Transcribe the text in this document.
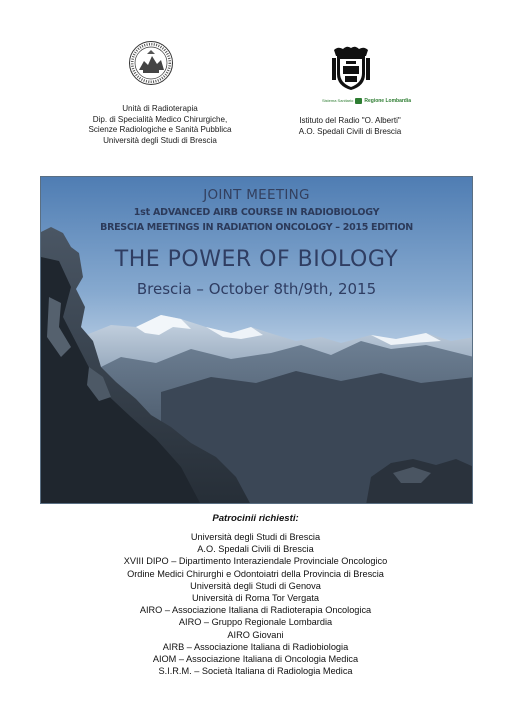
Sistema Sanitario Regione Lombardia
Unità di Radioterapia
Dip. di Specialità Medico Chirurgiche,
Scienze Radiologiche e Sanità Pubblica
Università degli Studi di Brescia
Istituto del Radio "O. Alberti"
A.O. Spedali Civili di Brescia
JOINT MEETING
1st ADVANCED AIRB COURSE IN RADIOBIOLOGY
BRESCIA MEETINGS IN RADIATION ONCOLOGY – 2015 EDITION
THE POWER OF BIOLOGY
Brescia – October 8th/9th, 2015
Patrocinii richiesti:
Università degli Studi di Brescia
A.O. Spedali Civili di Brescia
XVIII DIPO – Dipartimento Interaziendale Provinciale Oncologico
Ordine Medici Chirurghi e Odontoiatri della Provincia di Brescia
Università degli Studi di Genova
Università di Roma Tor Vergata
AIRO – Associazione Italiana di Radioterapia Oncologica
AIRO – Gruppo Regionale Lombardia
AIRO Giovani
AIRB – Associazione Italiana di Radiobiologia
AIOM – Associazione Italiana di Oncologia Medica
S.I.R.M. – Società Italiana di Radiologia Medica
